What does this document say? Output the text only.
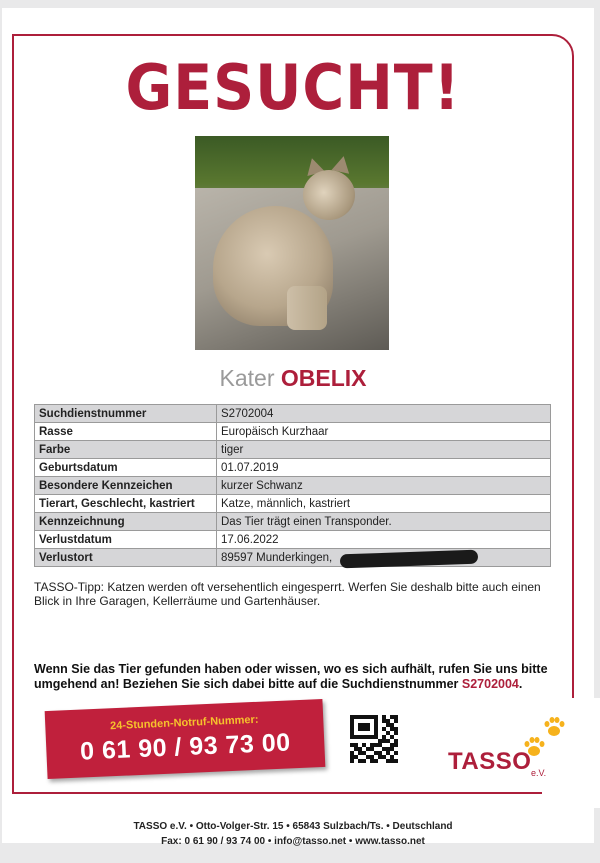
GESUCHT!
Kater OBELIX
Suchdienstnummer	S2702004
Rasse	Europäisch Kurzhaar
Farbe	tiger
Geburtsdatum	01.07.2019
Besondere Kennzeichen	kurzer Schwanz
Tierart, Geschlecht, kastriert	Katze, männlich, kastriert
Kennzeichnung	Das Tier trägt einen Transponder.
Verlustdatum	17.06.2022
Verlustort	89597 Munderkingen,
TASSO-Tipp: Katzen werden oft versehentlich eingesperrt. Werfen Sie deshalb bitte auch einen Blick in Ihre Garagen, Kellerräume und Gartenhäuser.
Wenn Sie das Tier gefunden haben oder wissen, wo es sich aufhält, rufen Sie uns bitte umgehend an! Beziehen Sie sich dabei bitte auf die Suchdienstnummer S2702004.
24-Stunden-Notruf-Nummer:
0 61 90 / 93 73 00	TASSO e.V.
TASSO e.V. • Otto-Volger-Str. 15 • 65843 Sulzbach/Ts. • Deutschland
Fax: 0 61 90 / 93 74 00 • info@tasso.net • www.tasso.net
